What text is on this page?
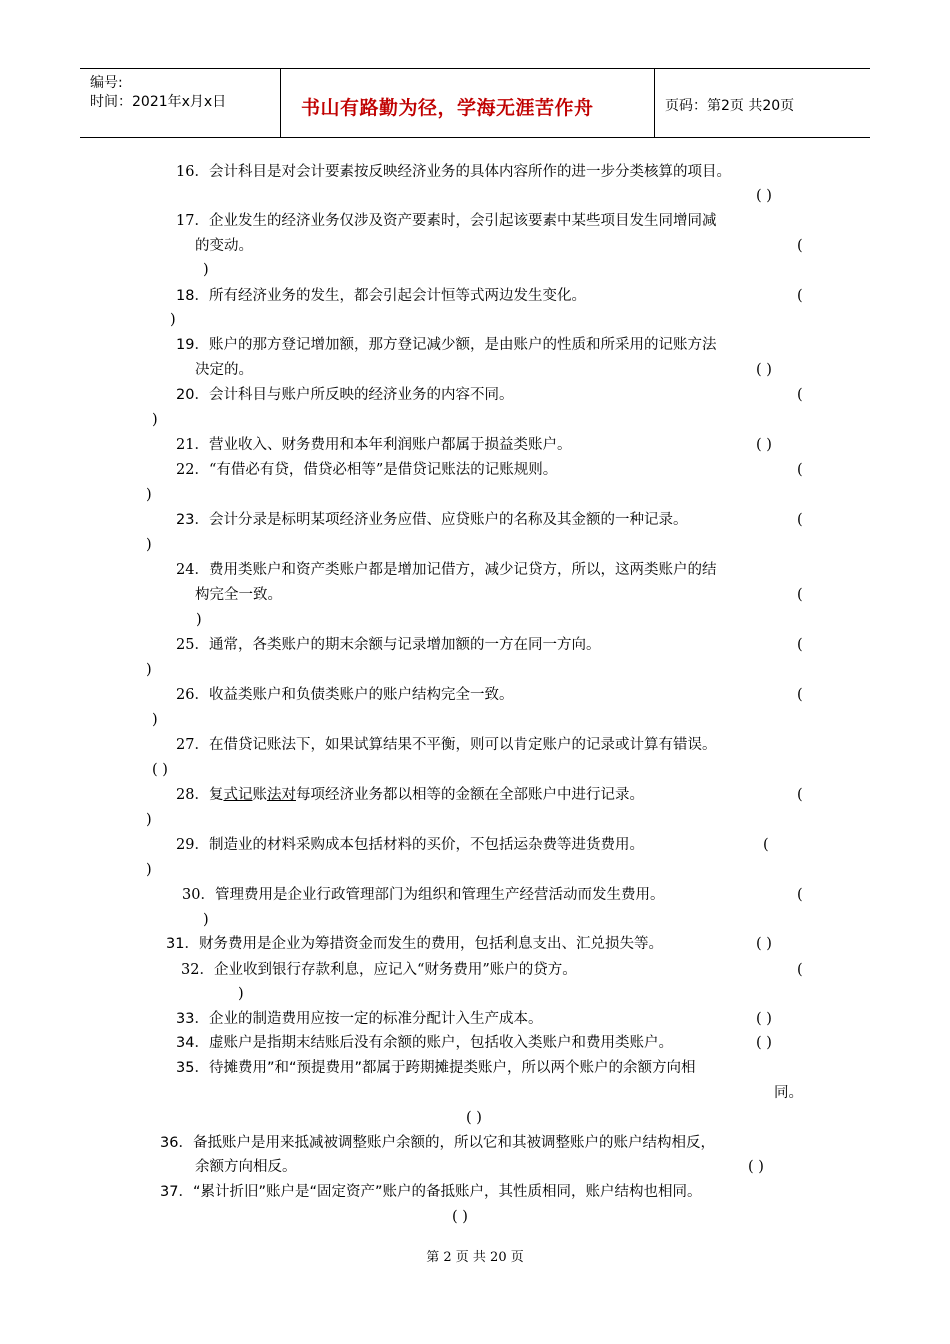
编号:
时间：2021年x月x日	书山有路勤为径，学海无涯苦作舟	页码：第2页 共20页
16．会计科目是对会计要素按反映经济业务的具体内容所作的进一步分类核算的项目。
( )
17．企业发生的经济业务仅涉及资产要素时，会引起该要素中某些项目发生同增同减
的变动。	(
)
18．所有经济业务的发生，都会引起会计恒等式两边发生变化。	(
)
19．账户的那方登记增加额，那方登记减少额，是由账户的性质和所采用的记账方法
决定的。	( )
20．会计科目与账户所反映的经济业务的内容不同。	(
)
21．营业收入、财务费用和本年利润账户都属于损益类账户。	( )
22．“有借必有贷，借贷必相等”是借贷记账法的记账规则。	(
)
23．会计分录是标明某项经济业务应借、应贷账户的名称及其金额的一种记录。	(
)
24．费用类账户和资产类账户都是增加记借方，减少记贷方，所以，这两类账户的结
构完全一致。	(
)
25．通常，各类账户的期末余额与记录增加额的一方在同一方向。	(
)
26．收益类账户和负债类账户的账户结构完全一致。	(
)
27．在借贷记账法下，如果试算结果不平衡，则可以肯定账户的记录或计算有错误。
( )
28．复式记账法对每项经济业务都以相等的金额在全部账户中进行记录。	(
)
29．制造业的材料采购成本包括材料的买价，不包括运杂费等进货费用。	(
)
30．管理费用是企业行政管理部门为组织和管理生产经营活动而发生费用。	(
)
31．财务费用是企业为筹措资金而发生的费用，包括利息支出、汇兑损失等。	( )
32．企业收到银行存款利息，应记入“财务费用”账户的贷方。	(
)
33．企业的制造费用应按一定的标准分配计入生产成本。	( )
34．虚账户是指期末结账后没有余额的账户，包括收入类账户和费用类账户。	( )
35．待摊费用”和“预提费用”都属于跨期摊提类账户，所以两个账户的余额方向相
同。
( )
36．备抵账户是用来抵减被调整账户余额的，所以它和其被调整账户的账户结构相反，
余额方向相反。	( )
37．“累计折旧”账户是“固定资产”账户的备抵账户，其性质相同，账户结构也相同。
( )
第 2 页 共 20 页
